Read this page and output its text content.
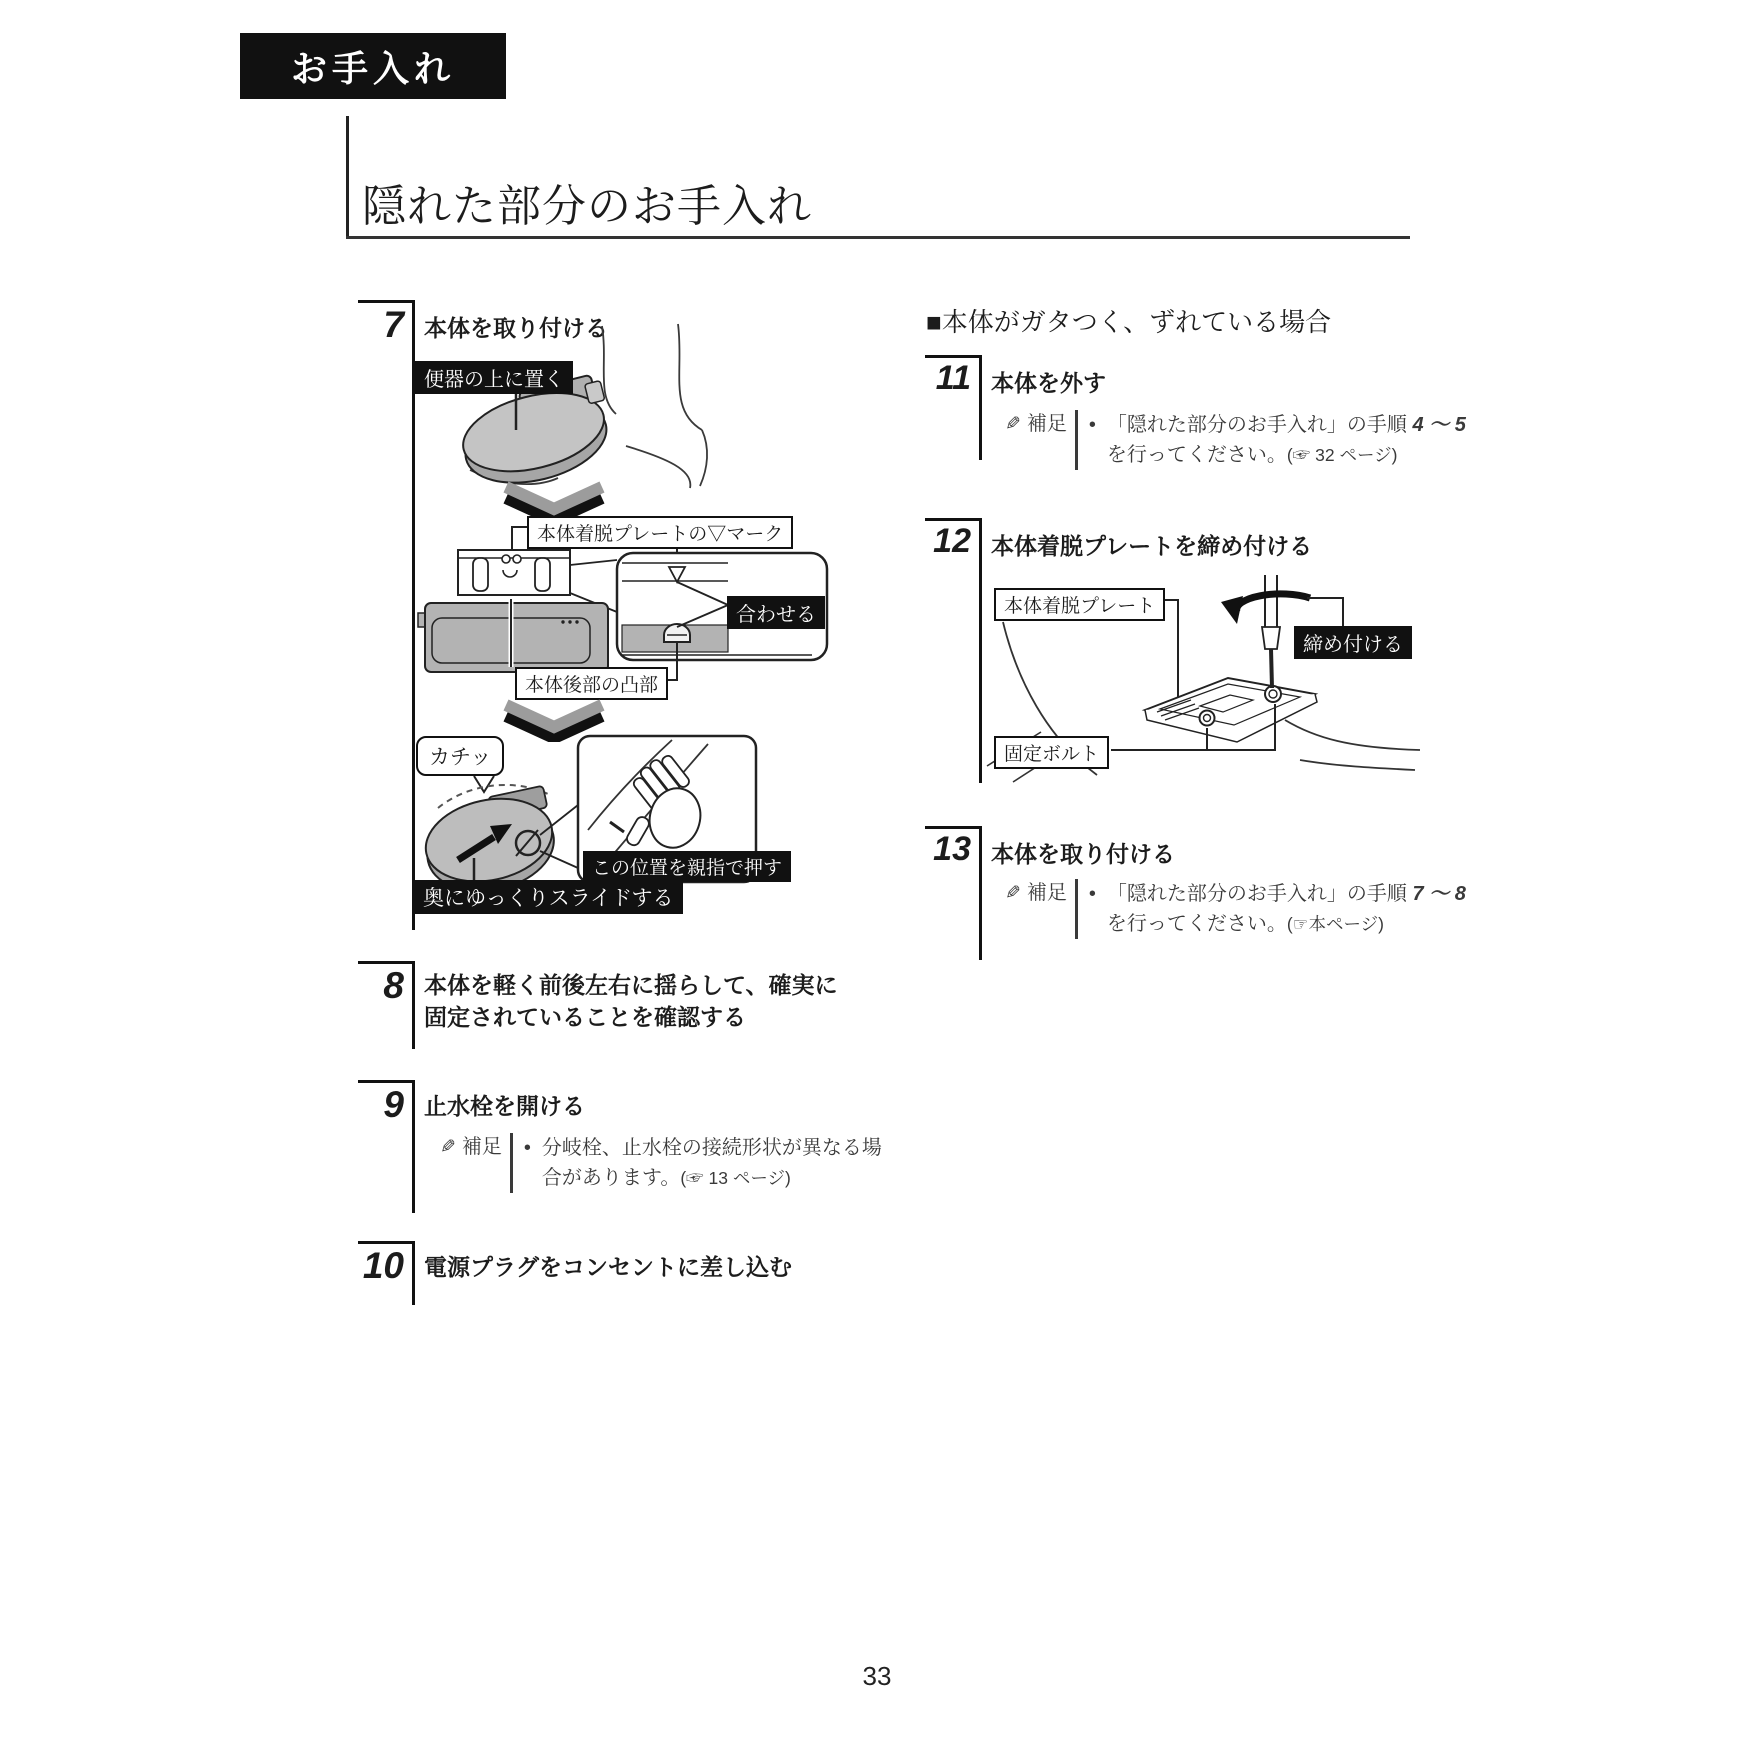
お手入れ
隠れた部分のお手入れ
7 本体を取り付ける
便器の上に置く
本体着脱プレートの▽マーク
合わせる
本体後部の凸部
カチッ
この位置を親指で押す
奥にゆっくりスライドする
8 本体を軽く前後左右に揺らして、確実に固定されていることを確認する
9 止水栓を開ける
✎ 補足 • 分岐栓、止水栓の接続形状が異なる場
合があります。(☞ 13 ページ)
10 電源プラグをコンセントに差し込む
■本体がガタつく、ずれている場合
11 本体を外す
✎ 補足 • 「隠れた部分のお手入れ」の手順 4 〜 5
を行ってください。(☞ 32 ページ)
12 本体着脱プレートを締め付ける
本体着脱プレート
締め付ける
固定ボルト
13 本体を取り付ける
✎ 補足 • 「隠れた部分のお手入れ」の手順 7 〜 8
を行ってください。(☞本ページ)
33
